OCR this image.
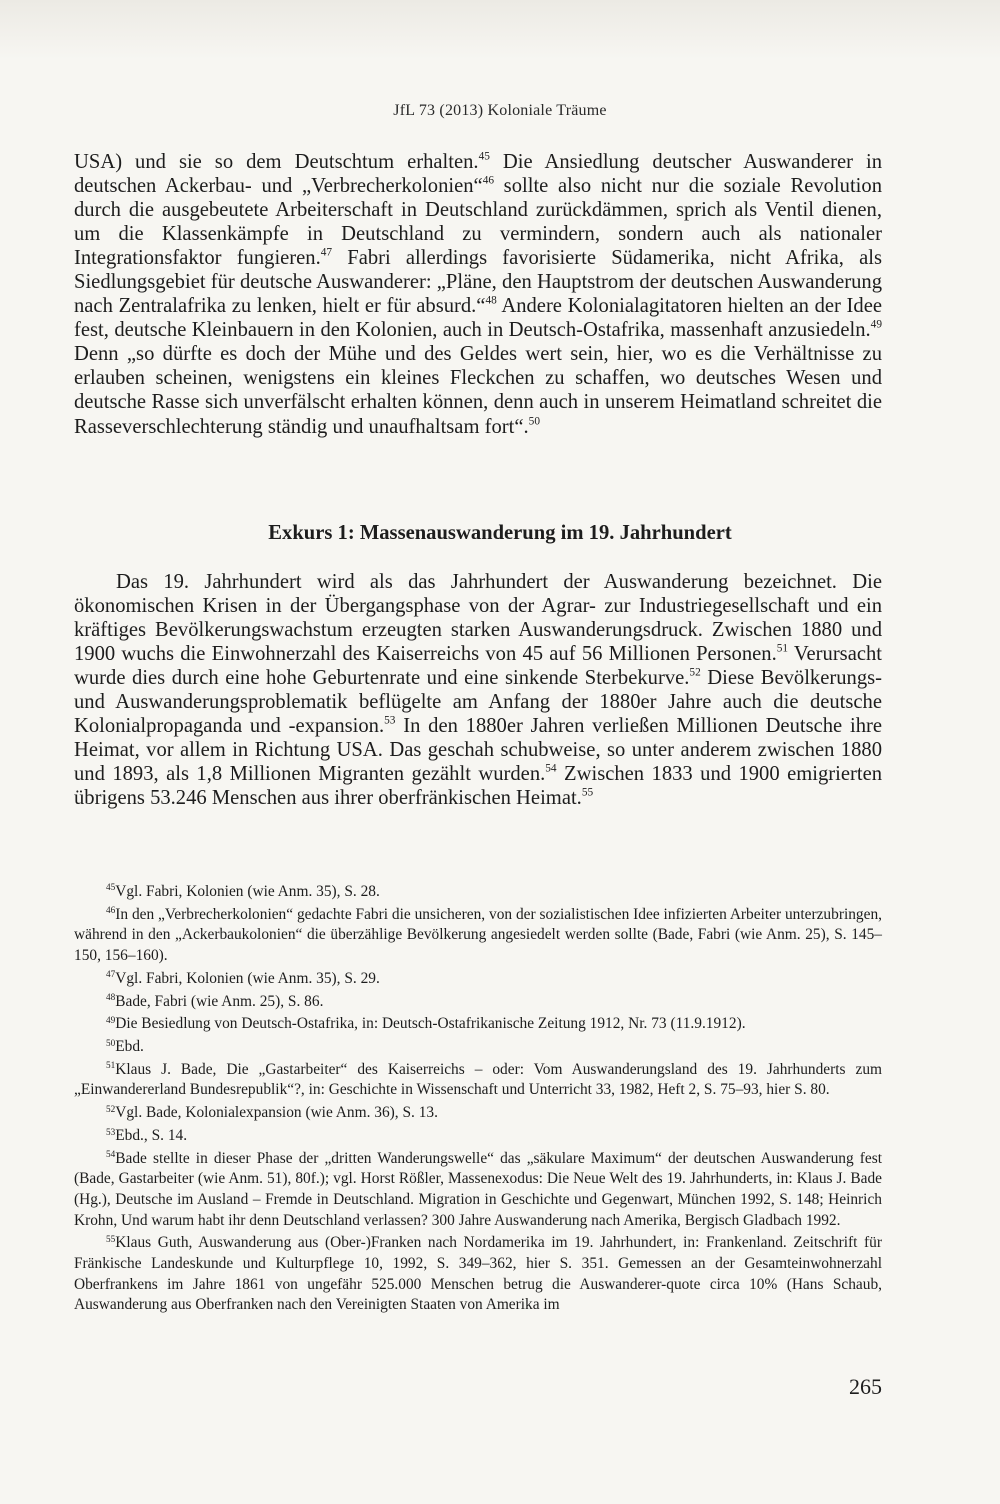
JfL 73 (2013) Koloniale Träume

USA) und sie so dem Deutschtum erhalten.$^{45}$ Die Ansiedlung deutscher Auswanderer in deutschen Ackerbau- und „Verbrecherkolonien“$^{46}$ sollte also nicht nur die soziale Revolution durch die ausgebeutete Arbeiterschaft in Deutschland zurückdämmen, sprich als Ventil dienen, um die Klassenkämpfe in Deutschland zu vermindern, sondern auch als nationaler Integrationsfaktor fungieren.$^{47}$ Fabri allerdings favorisierte Südamerika, nicht Afrika, als Siedlungsgebiet für deutsche Auswanderer: „Pläne, den Hauptstrom der deutschen Auswanderung nach Zentralafrika zu lenken, hielt er für absurd.“$^{48}$ Andere Kolonialagitatoren hielten an der Idee fest, deutsche Kleinbauern in den Kolonien, auch in Deutsch-Ostafrika, massenhaft anzusiedeln.$^{49}$ Denn „so dürfte es doch der Mühe und des Geldes wert sein, hier, wo es die Verhältnisse zu erlauben scheinen, wenigstens ein kleines Fleckchen zu schaffen, wo deutsches Wesen und deutsche Rasse sich unverfälscht erhalten können, denn auch in unserem Heimatland schreitet die Rasseverschlechterung ständig und unaufhaltsam fort“.$^{50}$

Exkurs 1: Massenauswanderung im 19. Jahrhundert

Das 19. Jahrhundert wird als das Jahrhundert der Auswanderung bezeichnet. Die ökonomischen Krisen in der Übergangsphase von der Agrar- zur Industriegesellschaft und ein kräftiges Bevölkerungswachstum erzeugten starken Auswanderungsdruck. Zwischen 1880 und 1900 wuchs die Einwohnerzahl des Kaiserreichs von 45 auf 56 Millionen Personen.$^{51}$ Verursacht wurde dies durch eine hohe Geburtenrate und eine sinkende Sterbekurve.$^{52}$ Diese Bevölkerungs- und Auswanderungsproblematik beflügelte am Anfang der 1880er Jahre auch die deutsche Kolonialpropaganda und -expansion.$^{53}$ In den 1880er Jahren verließen Millionen Deutsche ihre Heimat, vor allem in Richtung USA. Das geschah schubweise, so unter anderem zwischen 1880 und 1893, als 1,8 Millionen Migranten gezählt wurden.$^{54}$ Zwischen 1833 und 1900 emigrierten übrigens 53.246 Menschen aus ihrer oberfränkischen Heimat.$^{55}$

45Vgl. Fabri, Kolonien (wie Anm. 35), S. 28.

46In den „Verbrecherkolonien“ gedachte Fabri die unsicheren, von der sozialistischen Idee infizierten Arbeiter unterzubringen, während in den „Ackerbaukolonien“ die überzählige Bevölkerung angesiedelt werden sollte (Bade, Fabri (wie Anm. 25), S. 145–150, 156–160).

47Vgl. Fabri, Kolonien (wie Anm. 35), S. 29.

48Bade, Fabri (wie Anm. 25), S. 86.

49Die Besiedlung von Deutsch-Ostafrika, in: Deutsch-Ostafrikanische Zeitung 1912, Nr. 73 (11.9.1912).

50Ebd.

51Klaus J. Bade, Die „Gastarbeiter“ des Kaiserreichs – oder: Vom Auswanderungsland des 19. Jahrhunderts zum „Einwandererland Bundesrepublik“?, in: Geschichte in Wissenschaft und Unterricht 33, 1982, Heft 2, S. 75–93, hier S. 80.

52Vgl. Bade, Kolonialexpansion (wie Anm. 36), S. 13.

53Ebd., S. 14.

54Bade stellte in dieser Phase der „dritten Wanderungswelle“ das „säkulare Maximum“ der deutschen Auswanderung fest (Bade, Gastarbeiter (wie Anm. 51), 80f.); vgl. Horst Rößler, Massenexodus: Die Neue Welt des 19. Jahrhunderts, in: Klaus J. Bade (Hg.), Deutsche im Ausland – Fremde in Deutschland. Migration in Geschichte und Gegenwart, München 1992, S. 148; Heinrich Krohn, Und warum habt ihr denn Deutschland verlassen? 300 Jahre Auswanderung nach Amerika, Bergisch Gladbach 1992.

55Klaus Guth, Auswanderung aus (Ober-)Franken nach Nordamerika im 19. Jahrhundert, in: Frankenland. Zeitschrift für Fränkische Landeskunde und Kulturpflege 10, 1992, S. 349–362, hier S. 351. Gemessen an der Gesamteinwohnerzahl Oberfrankens im Jahre 1861 von ungefähr 525.000 Menschen betrug die Auswanderer-quote circa 10% (Hans Schaub, Auswanderung aus Oberfranken nach den Vereinigten Staaten von Amerika im

265
